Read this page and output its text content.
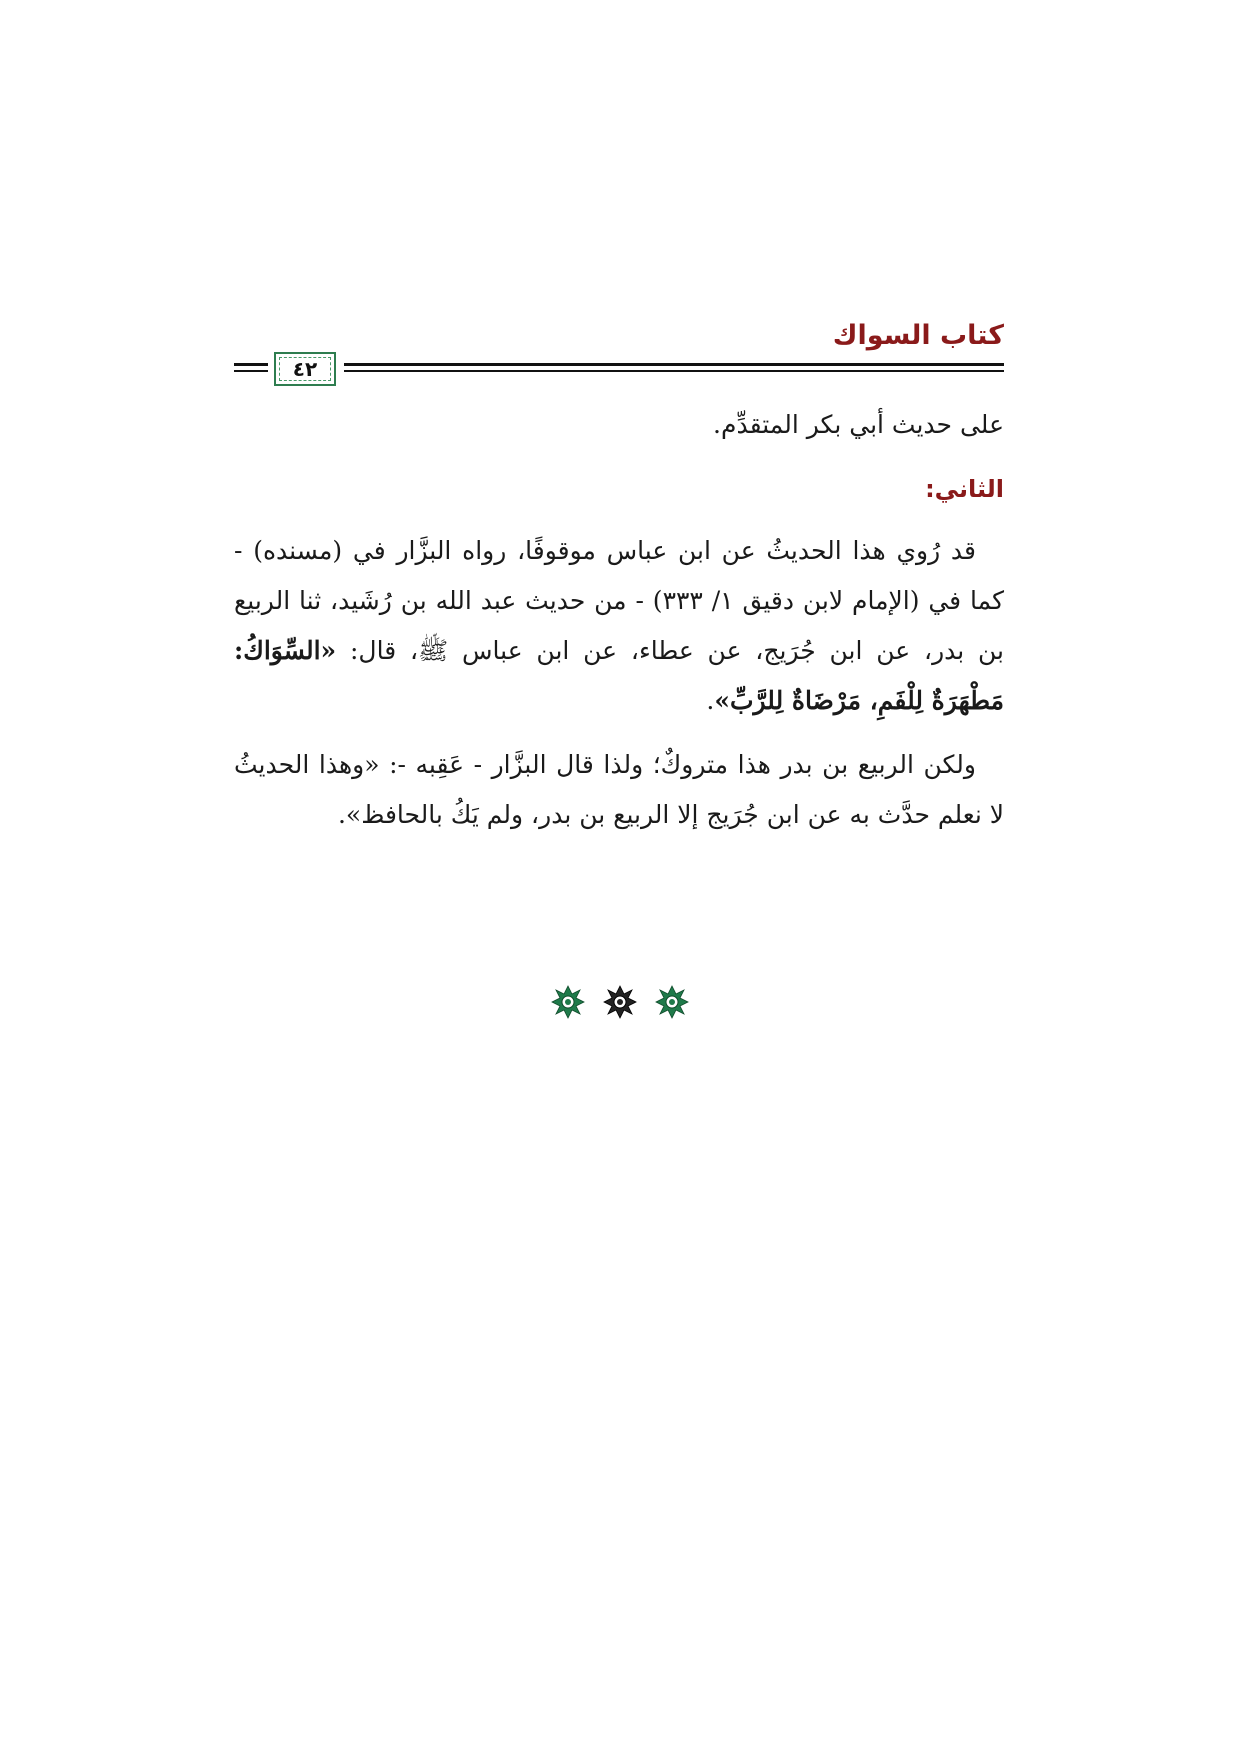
كتاب السواك
٤٢

على حديث أبي بكر المتقدِّم.

الثاني:

قد رُوي هذا الحديثُ عن ابن عباس موقوفًا، رواه البزَّار في (مسنده) - كما في (الإمام لابن دقيق ١/ ٣٣٣) - من حديث عبد الله بن رُشَيد، ثنا الربيع بن بدر، عن ابن جُرَيج، عن عطاء، عن ابن عباس ﷺ، قال: «السِّوَاكُ: مَطْهَرَةٌ لِلْفَمِ، مَرْضَاةٌ لِلرَّبِّ».

ولكن الربيع بن بدر هذا متروكٌ؛ ولذا قال البزَّار - عَقِبه -: «وهذا الحديثُ لا نعلم حدَّث به عن ابن جُرَيج إلا الربيع بن بدر، ولم يَكُ بالحافظ».
